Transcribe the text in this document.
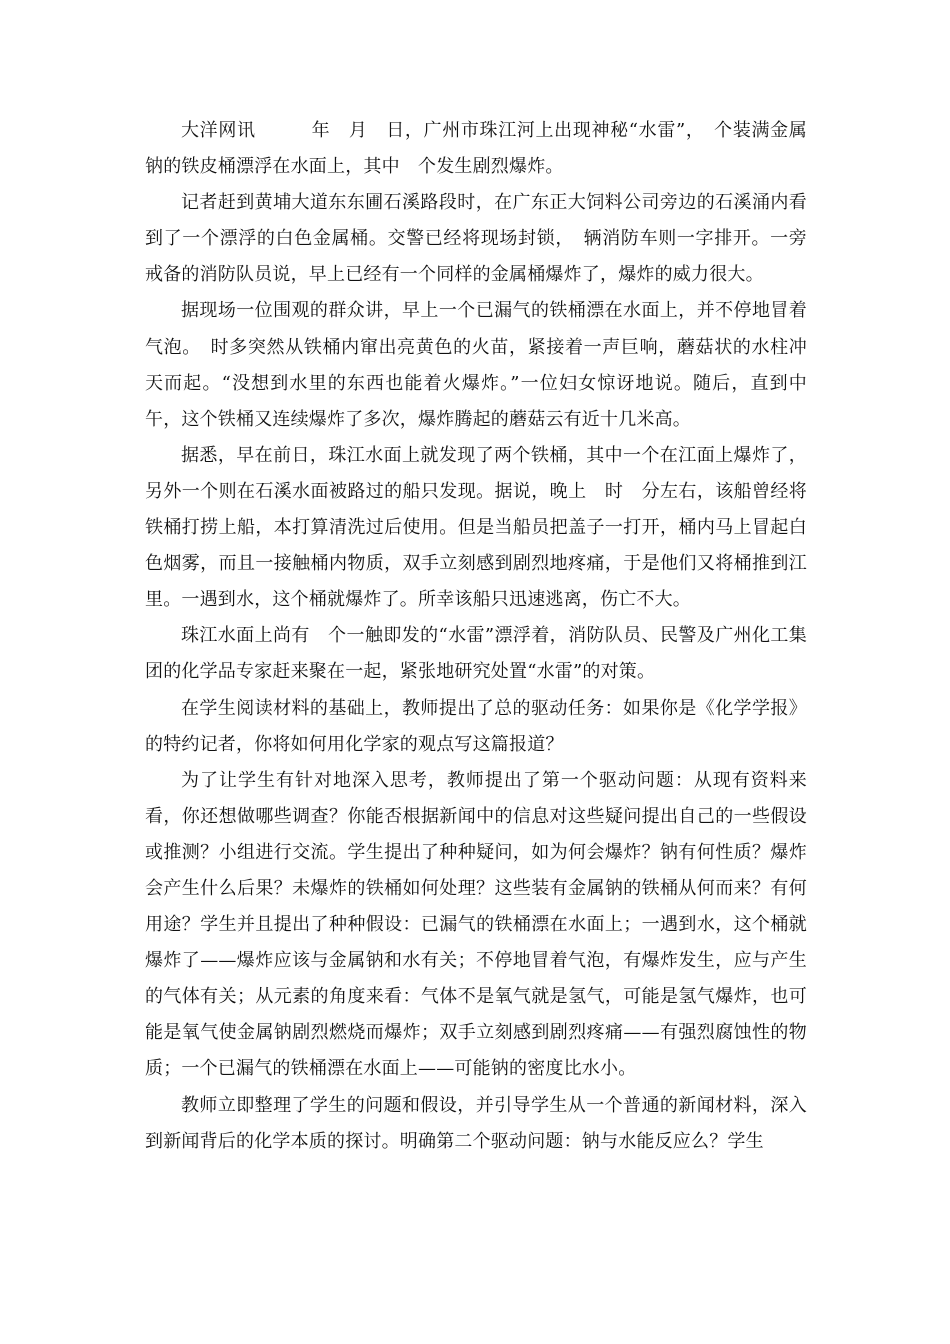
大洋网讯　　　年　月　日，广州市珠江河上出现神秘“水雷”，　个装满金属钠的铁皮桶漂浮在水面上，其中　个发生剧烈爆炸。

记者赶到黄埔大道东东圃石溪路段时，在广东正大饲料公司旁边的石溪涌内看到了一个漂浮的白色金属桶。交警已经将现场封锁，　辆消防车则一字排开。一旁戒备的消防队员说，早上已经有一个同样的金属桶爆炸了，爆炸的威力很大。

据现场一位围观的群众讲，早上一个已漏气的铁桶漂在水面上，并不停地冒着气泡。　时多突然从铁桶内窜出亮黄色的火苗，紧接着一声巨响，蘑菇状的水柱冲天而起。“没想到水里的东西也能着火爆炸。”一位妇女惊讶地说。随后，直到中午，这个铁桶又连续爆炸了多次，爆炸腾起的蘑菇云有近十几米高。

据悉，早在前日，珠江水面上就发现了两个铁桶，其中一个在江面上爆炸了，另外一个则在石溪水面被路过的船只发现。据说，晚上　时　分左右，该船曾经将铁桶打捞上船，本打算清洗过后使用。但是当船员把盖子一打开，桶内马上冒起白色烟雾，而且一接触桶内物质，双手立刻感到剧烈地疼痛，于是他们又将桶推到江里。一遇到水，这个桶就爆炸了。所幸该船只迅速逃离，伤亡不大。

珠江水面上尚有　个一触即发的“水雷”漂浮着，消防队员、民警及广州化工集团的化学品专家赶来聚在一起，紧张地研究处置“水雷”的对策。

在学生阅读材料的基础上，教师提出了总的驱动任务：如果你是《化学学报》的特约记者，你将如何用化学家的观点写这篇报道？

为了让学生有针对地深入思考，教师提出了第一个驱动问题：从现有资料来看，你还想做哪些调查？你能否根据新闻中的信息对这些疑问提出自己的一些假设或推测？小组进行交流。学生提出了种种疑问，如为何会爆炸？钠有何性质？爆炸会产生什么后果？未爆炸的铁桶如何处理？这些装有金属钠的铁桶从何而来？有何用途？学生并且提出了种种假设：已漏气的铁桶漂在水面上；一遇到水，这个桶就爆炸了——爆炸应该与金属钠和水有关；不停地冒着气泡，有爆炸发生，应与产生的气体有关；从元素的角度来看：气体不是氧气就是氢气，可能是氢气爆炸，也可能是氧气使金属钠剧烈燃烧而爆炸；双手立刻感到剧烈疼痛——有强烈腐蚀性的物质；一个已漏气的铁桶漂在水面上——可能钠的密度比水小。

教师立即整理了学生的问题和假设，并引导学生从一个普通的新闻材料，深入到新闻背后的化学本质的探讨。明确第二个驱动问题：钠与水能反应么？学生
